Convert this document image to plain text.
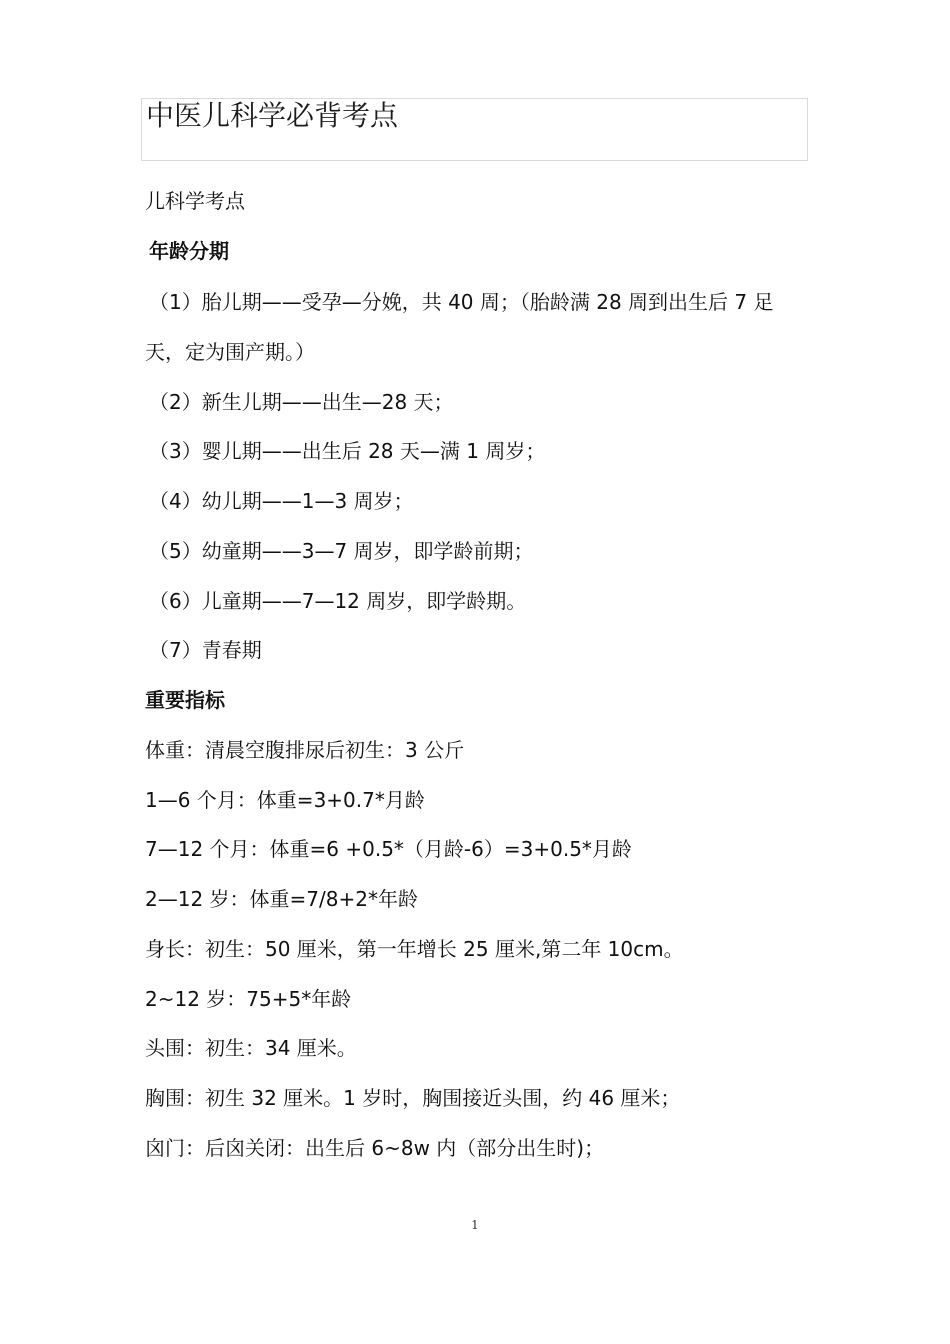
中医儿科学必背考点
儿科学考点
年龄分期
（1）胎儿期——受孕—分娩，共 40 周；（胎龄满 28 周到出生后 7 足
天，定为围产期。）
（2）新生儿期——出生—28 天；
（3）婴儿期——出生后 28 天—满 1 周岁；
（4）幼儿期——1—3 周岁；
（5）幼童期——3—7 周岁，即学龄前期；
（6）儿童期——7—12 周岁，即学龄期。
（7）青春期
重要指标
体重：清晨空腹排尿后初生：3 公斤
1—6 个月：体重=3+0.7*月龄
7—12 个月：体重=6 +0.5*（月龄-6）=3+0.5*月龄
2—12 岁：体重=7/8+2*年龄
身长：初生：50 厘米，第一年增长 25 厘米,第二年 10cm。
2~12 岁：75+5*年龄
头围：初生：34 厘米。
胸围：初生 32 厘米。1 岁时，胸围接近头围，约 46 厘米；
囟门：后囟关闭：出生后 6~8w 内（部分出生时)；
1
